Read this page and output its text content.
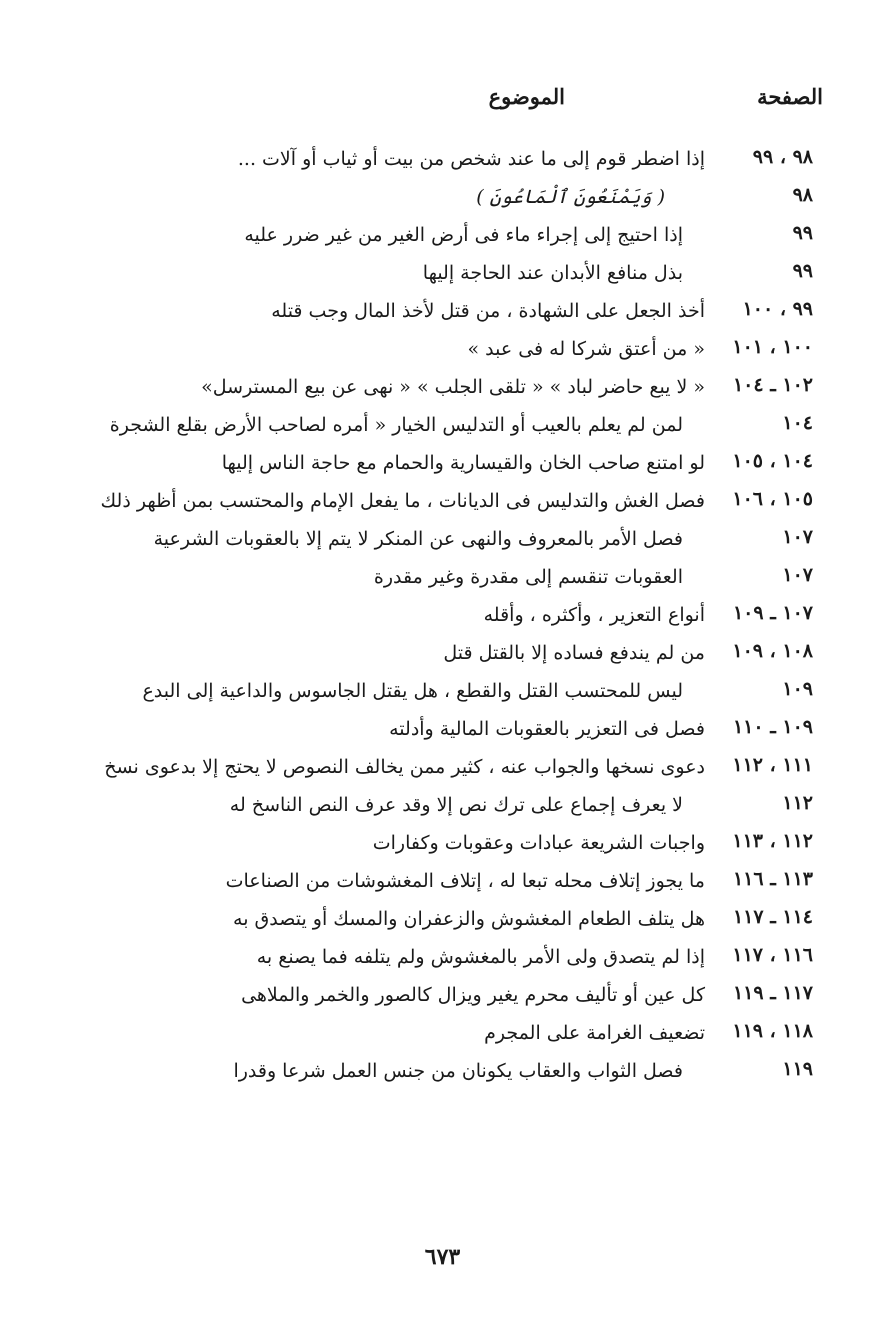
الصفحة
الموضوع
٩٨ ، ٩٩
إذا اضطر قوم إلى ما عند شخص من بيت أو ثياب أو آلات ...
٩٨
( وَيَمْنَعُونَ ٱلْمَاعُونَ )
٩٩
إذا احتيج إلى إجراء ماء فى أرض الغير من غير ضرر عليه
٩٩
بذل منافع الأبدان عند الحاجة إليها
٩٩ ، ١٠٠
أخذ الجعل على الشهادة ، من قتل لأخذ المال وجب قتله
١٠٠ ، ١٠١
« من أعتق شركا له فى عبد »
١٠٢ ـ ١٠٤
« لا يبع حاضر لباد » « تلقى الجلب » « نهى عن بيع المسترسل»
١٠٤
لمن لم يعلم بالعيب أو التدليس الخيار « أمره لصاحب الأرض بقلع الشجرة
١٠٤ ، ١٠٥
لو امتنع صاحب الخان والقيسارية والحمام مع حاجة الناس إليها
١٠٥ ، ١٠٦
فصل الغش والتدليس فى الديانات ، ما يفعل الإمام والمحتسب بمن أظهر ذلك
١٠٧
فصل الأمر بالمعروف والنهى عن المنكر لا يتم إلا بالعقوبات الشرعية
١٠٧
العقوبات تنقسم إلى مقدرة وغير مقدرة
١٠٧ ـ ١٠٩
أنواع التعزير ، وأكثره ، وأقله
١٠٨ ، ١٠٩
من لم يندفع فساده إلا بالقتل قتل
١٠٩
ليس للمحتسب القتل والقطع ، هل يقتل الجاسوس والداعية إلى البدع
١٠٩ ـ ١١٠
فصل فى التعزير بالعقوبات المالية وأدلته
١١١ ، ١١٢
دعوى نسخها والجواب عنه ، كثير ممن يخالف النصوص لا يحتج إلا بدعوى نسخ
١١٢
لا يعرف إجماع على ترك نص إلا وقد عرف النص الناسخ له
١١٢ ، ١١٣
واجبات الشريعة عبادات وعقوبات وكفارات
١١٣ ـ ١١٦
ما يجوز إتلاف محله تبعا له ، إتلاف المغشوشات من الصناعات
١١٤ ـ ١١٧
هل يتلف الطعام المغشوش والزعفران والمسك أو يتصدق به
١١٦ ، ١١٧
إذا لم يتصدق ولى الأمر بالمغشوش ولم يتلفه فما يصنع به
١١٧ ـ ١١٩
كل عين أو تأليف محرم يغير ويزال كالصور والخمر والملاهى
١١٨ ، ١١٩
تضعيف الغرامة على المجرم
١١٩
فصل الثواب والعقاب يكونان من جنس العمل شرعا وقدرا
٦٧٣
